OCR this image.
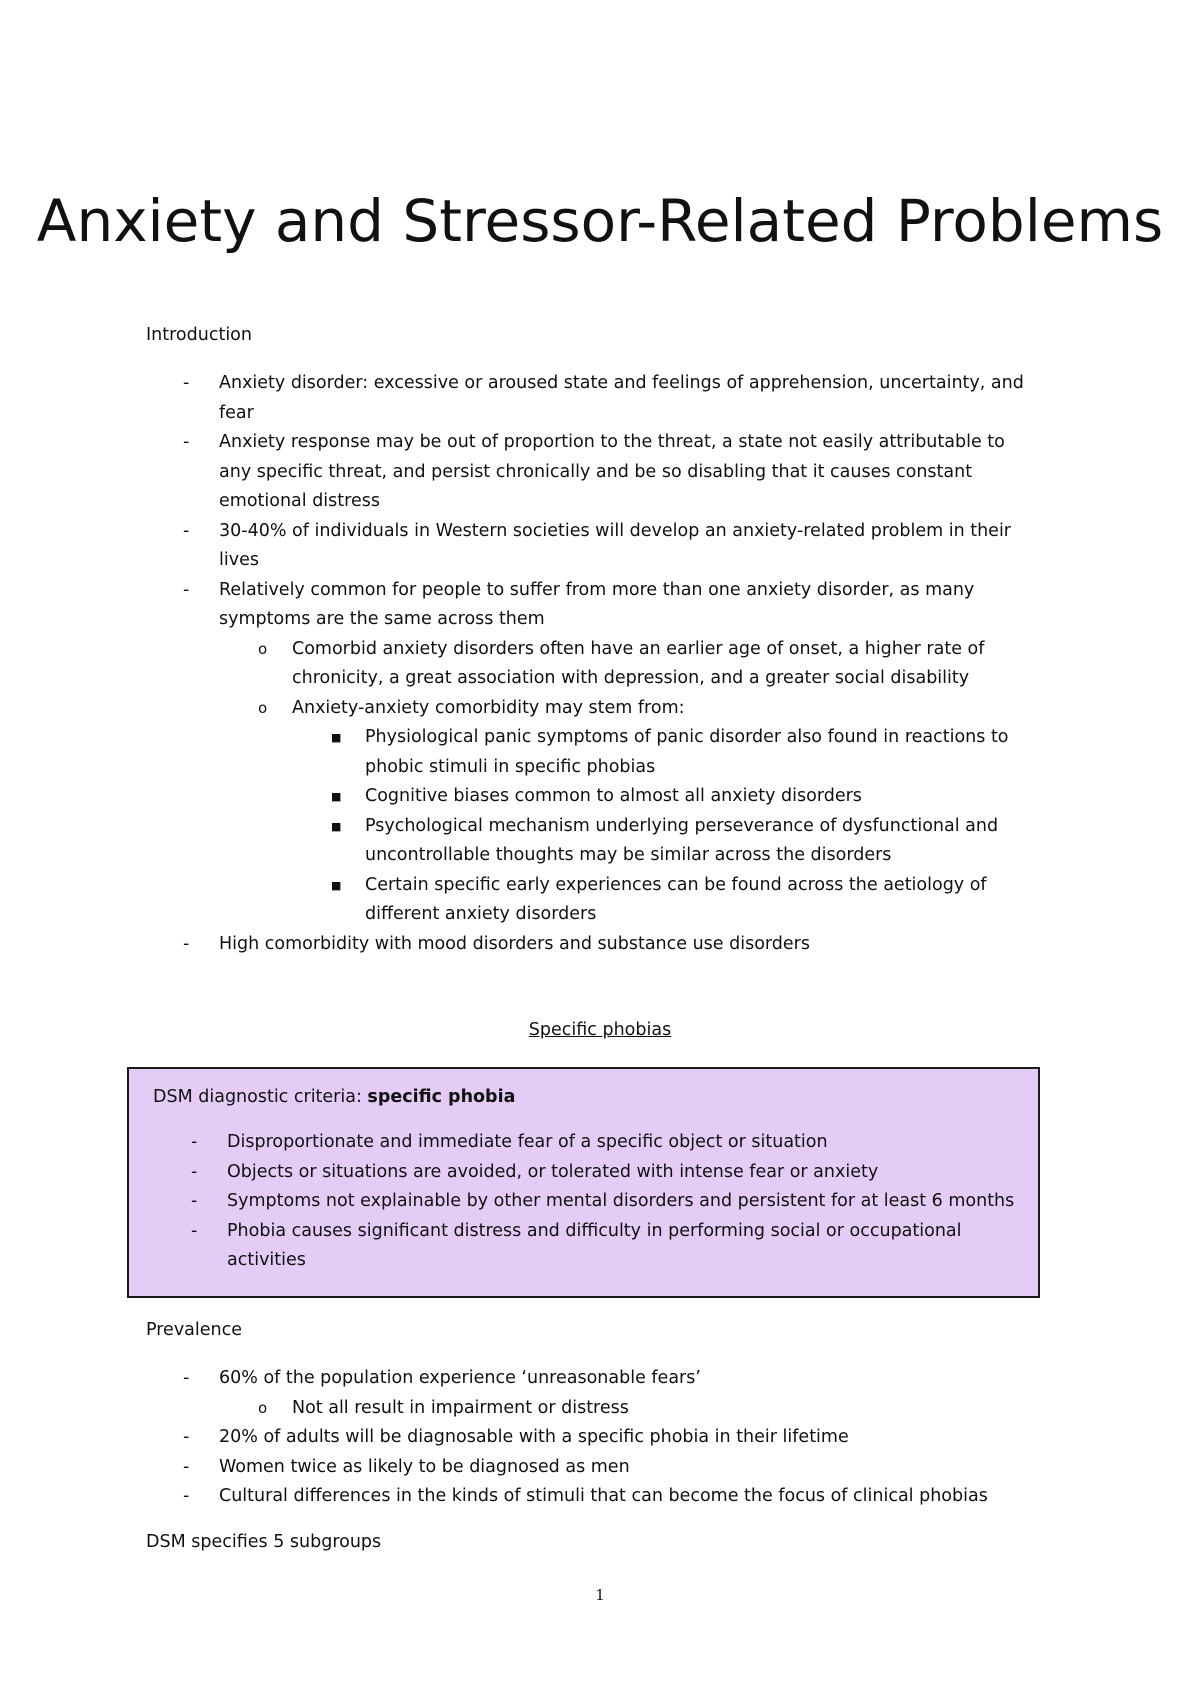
Anxiety and Stressor-Related Problems
Introduction
- Anxiety disorder: excessive or aroused state and feelings of apprehension, uncertainty, and
fear
- Anxiety response may be out of proportion to the threat, a state not easily attributable to
any specific threat, and persist chronically and be so disabling that it causes constant
emotional distress
- 30-40% of individuals in Western societies will develop an anxiety-related problem in their
lives
- Relatively common for people to suffer from more than one anxiety disorder, as many
symptoms are the same across them
o Comorbid anxiety disorders often have an earlier age of onset, a higher rate of
chronicity, a great association with depression, and a greater social disability
o Anxiety-anxiety comorbidity may stem from:
■ Physiological panic symptoms of panic disorder also found in reactions to
phobic stimuli in specific phobias
■ Cognitive biases common to almost all anxiety disorders
■ Psychological mechanism underlying perseverance of dysfunctional and
uncontrollable thoughts may be similar across the disorders
■ Certain specific early experiences can be found across the aetiology of
different anxiety disorders
- High comorbidity with mood disorders and substance use disorders
Specific phobias
DSM diagnostic criteria: specific phobia
- Disproportionate and immediate fear of a specific object or situation
- Objects or situations are avoided, or tolerated with intense fear or anxiety
- Symptoms not explainable by other mental disorders and persistent for at least 6 months
- Phobia causes significant distress and difficulty in performing social or occupational
activities
Prevalence
- 60% of the population experience ‘unreasonable fears’
o Not all result in impairment or distress
- 20% of adults will be diagnosable with a specific phobia in their lifetime
- Women twice as likely to be diagnosed as men
- Cultural differences in the kinds of stimuli that can become the focus of clinical phobias
DSM specifies 5 subgroups
1
